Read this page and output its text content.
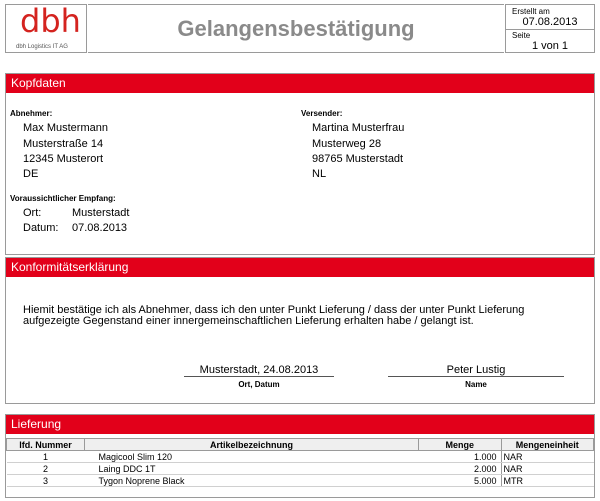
dbh
dbh Logistics IT AG
Gelangensbestätigung
Erstellt am
07.08.2013
Seite
1 von 1
Kopfdaten
Abnehmer:
Max Mustermann
Musterstraße 14
12345 Musterort
DE
Versender:
Martina Musterfrau
Musterweg 28
98765 Musterstadt
NL
Voraussichtlicher Empfang:
Ort:	Musterstadt
Datum: 07.08.2013
Konformitätserklärung
Hiemit bestätige ich als Abnehmer, dass ich den unter Punkt Lieferung / dass der unter Punkt Lieferung
aufgezeigte Gegenstand einer innergemeinschaftlichen Lieferung erhalten habe / gelangt ist.
Musterstadt, 24.08.2013
Ort, Datum
Peter Lustig
Name
Lieferung
lfd. Nummer	Artikelbezeichnung	Menge	Mengeneinheit
1	Magicool Slim 120	1.000	NAR
2	Laing DDC 1T	2.000	NAR
3	Tygon Noprene Black	5.000	MTR
